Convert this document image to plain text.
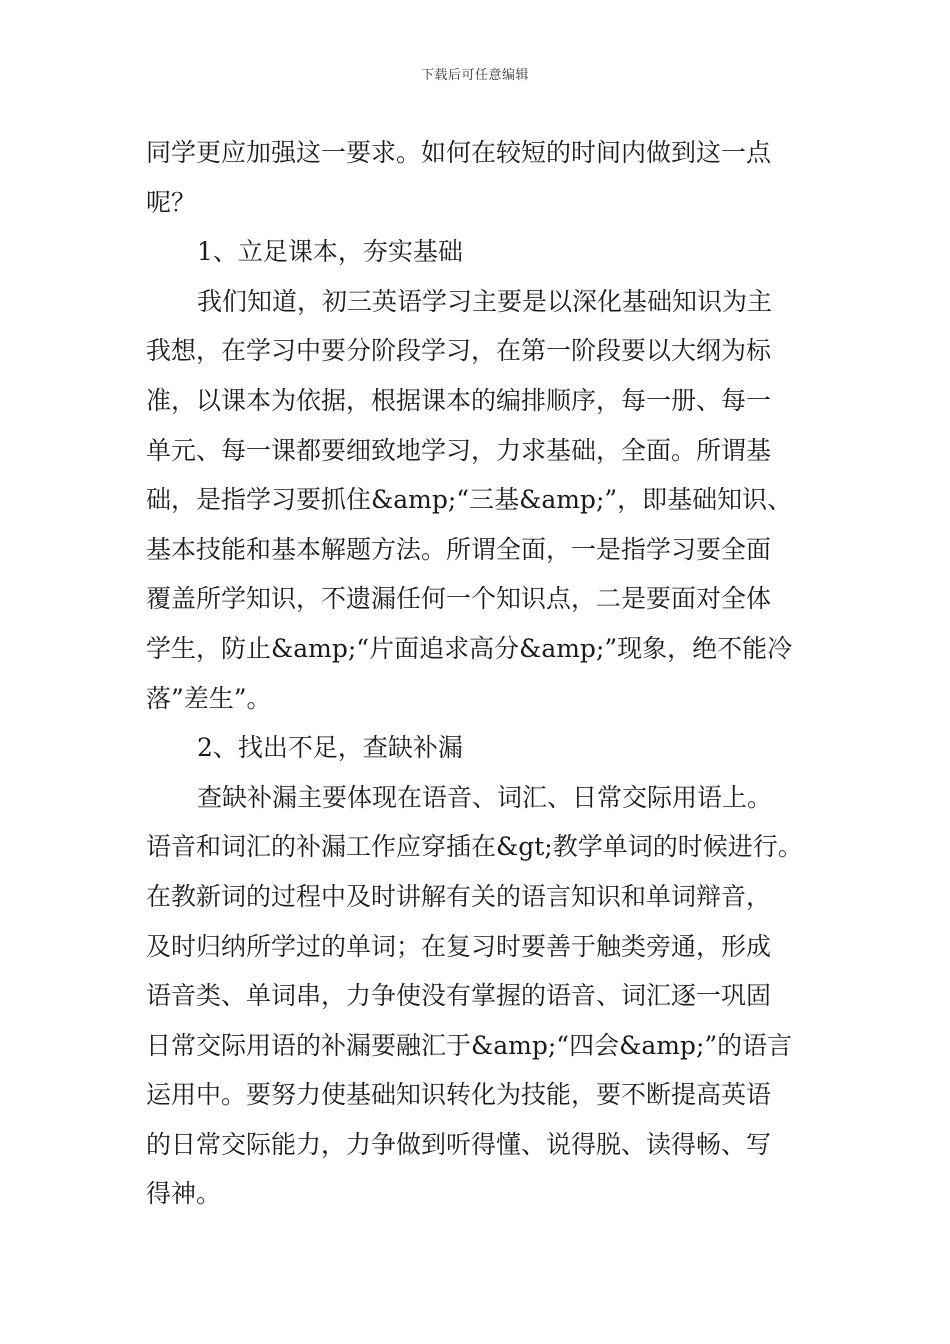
下载后可任意编辑

同学更应加强这一要求。如何在较短的时间内做到这一点

呢？

1、立足课本，夯实基础

我们知道，初三英语学习主要是以深化基础知识为主

我想，在学习中要分阶段学习，在第一阶段要以大纲为标

准，以课本为依据，根据课本的编排顺序，每一册、每一

单元、每一课都要细致地学习，力求基础，全面。所谓基

础，是指学习要抓住&amp;“三基&amp;”，即基础知识、

基本技能和基本解题方法。所谓全面，一是指学习要全面

覆盖所学知识，不遗漏任何一个知识点，二是要面对全体

学生，防止&amp;“片面追求高分&amp;”现象，绝不能冷

落”差生”。

2、找出不足，查缺补漏

查缺补漏主要体现在语音、词汇、日常交际用语上。

语音和词汇的补漏工作应穿插在&gt;教学单词的时候进行。

在教新词的过程中及时讲解有关的语言知识和单词辩音，

及时归纳所学过的单词；在复习时要善于触类旁通，形成

语音类、单词串，力争使没有掌握的语音、词汇逐一巩固

日常交际用语的补漏要融汇于&amp;“四会&amp;”的语言

运用中。要努力使基础知识转化为技能，要不断提高英语

的日常交际能力，力争做到听得懂、说得脱、读得畅、写

得神。
